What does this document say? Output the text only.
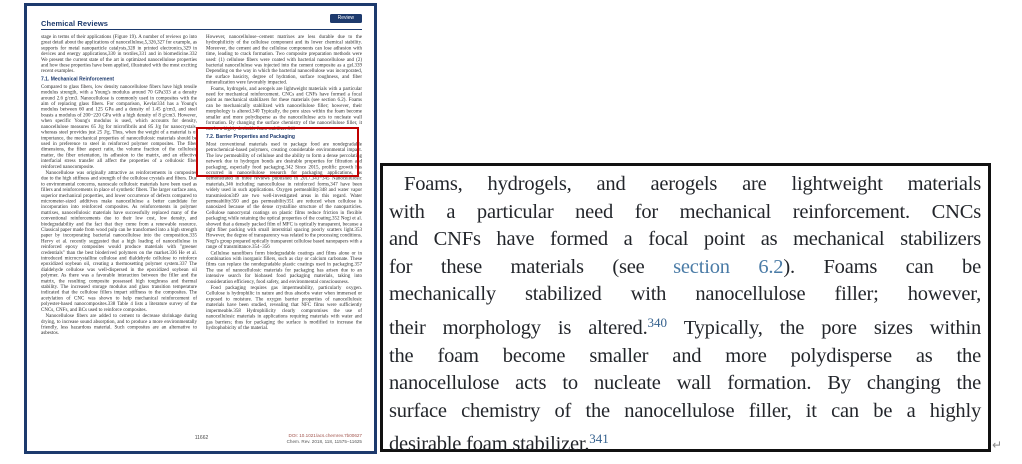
Chemical Reviews
Review

stage in terms of their applications (Figure 19). A number of reviews go into great detail about the applications of nanocellulose,5,326,327 for example, as supports for metal nanoparticle catalysts,328 in printed electronics,329 in devices and energy applications,330 in textiles,331 and in biomedicine.332 We present the current state of the art in optimized nanocellulose properties and how these properties have been applied, illustrated with the most exciting recent examples.

7.1. Mechanical Reinforcement

Compared to glass fibers, low density nanocellulose fibers have high tensile modulus strength, with a Young's modulus around 70 GPa333 at a density around 2.6 g/cm3. Nanocellulose is commonly used in composites with the aim of replacing glass fibers. For comparison, Kevlar334 has a Young's modulus between 60 and 125 GPa and a density of 1.45 g/cm3, and steel boasts a modulus of 200−220 GPa with a high density of 8 g/cm3. However, when specific Young's modulus is used, which accounts for density, nanocellulose measures 65 J/g for microfibrils and 85 J/g for nanocrystals, whereas steel provides just 25 J/g. Thus, when the weight of a material is of importance, the mechanical properties of nanocellulosic materials should be used in preference to steel in reinforced polymer composites. The fiber dimensions, the fiber aspect ratio, the volume fraction of the cellulosic matter, the fiber orientation, its adhesion to the matrix, and an effective interfacial stress transfer all affect the properties of a cellulosic fiber reinforced nanocomposite.

Nanocellulose was originally attractive as reinforcements in composites due to the high stiffness and strength of the cellulose crystals and fibers. Due to environmental concerns, nanoscale cellulosic materials have been used as fillers and reinforcements in place of synthetic fibers. The larger surface area, superior mechanical properties, and lower occurrence of defects compared to micrometer-sized additives make nanocellulose a better candidate for incorporation into reinforced composites. As reinforcements in polymer matrixes, nanocellulosic materials have successfully replaced many of the conventional reinforcements due to their low cost, low density, and biodegradability and the fact that they come from a renewable resource. Classical paper made from wood pulp can be transformed into a high strength paper by incorporating bacterial nanocellulose into the composition.335 Hervy et al. recently suggested that a high loading of nanocellulose in reinforced epoxy composites would produce materials with "greener credentials" than the best bioderived polymers on the market.336 He et al. introduced microcrystalline cellulose and dialdehyde cellulose to reinforce epoxidized soybean oil, creating a thermosetting polymer system.337 The dialdehyde cellulose was well-dispersed in the epoxidized soybean oil polymer. As there was a favorable interaction between the filler and the matrix, the resulting composite possessed high toughness and thermal stability. The increased storage modulus and glass transition temperature indicated that the cellulose fillers impart stiffness to the composites. The acetylation of CNC was shown to help mechanical reinforcement of polyester-based nanocomposites.338 Table 4 lists a literature survey of the CNCs, CNFs, and BCs used to reinforce composites.

Nanocellulose fibers are added to cement to decrease shrinkage during drying, to increase sound absorption, and to produce a more environmentally friendly, less hazardous material. Such composites are an alternative to asbestos.

However, nanocellulose−cement matrixes are less durable due to the hydrophilicity of the cellulose component and its lower chemical stability. Moreover, the cement and the cellulose components can lose adhesion with time, leading to crack formation. Two composite preparation methods were used: (1) cellulose fibers were coated with bacterial nanocellulose and (2) bacterial nanocellulose was injected into the cement composite as a gel.339 Depending on the way in which the bacterial nanocellulose was incorporated, the surface basicity, degree of hydration, surface roughness, and fiber mineralization were favorably impacted.

Foams, hydrogels, and aerogels are lightweight materials with a particular need for mechanical reinforcement. CNCs and CNFs have formed a focal point as mechanical stabilizers for these materials (see section 6.2). Foams can be mechanically stabilized with nanocellulose filler; however, their morphology is altered.340 Typically, the pore sizes within the foam become smaller and more polydisperse as the nanocellulose acts to nucleate wall formation. By changing the surface chemistry of the nanocellulose filler, it can be a highly desirable foam stabilizer.341

7.2. Barrier Properties and Packaging

Most conventional materials used to package food are nondegradable petrochemical-based polymers, creating considerable environmental impact. The low permeability of cellulose and the ability to form a dense percolating network due to hydrogen bonds are desirable properties for filtration and packaging, especially food packaging.342 Since 2015, prolific growth has occurred in nanocellulose research for packaging applications, as demonstrated in three reviews published in 2017.343−345 Nanocellulosic materials,346 including nanocellulose in reinforced forms,347 have been widely used in such applications. Oxygen permeability348 and water vapor transmission349 are two well-investigated areas in this regard. Water permeability350 and gas permeability351 are reduced when cellulose is nanosized because of the dense crystalline structure of the nanoparticles. Cellulose nanocrystal coatings on plastic films reduce friction in flexible packaging while retaining the optical properties of the coating.352 Nogi et al. showed that a densely packed film of MFC is optically transparent, because a tight fiber packing with small interstitial spacing poorly scatters light.353 However, the degree of transparency was related to the processing conditions. Nogi's group prepared optically transparent cellulose based nanopapers with a range of transmittance.354−356

Cellulose nanofibers form biodegradable coatings and films alone or in combination with inorganic fillers, such as clay or calcium carbonate. These films can replace the nondegradable plastic coatings used in packaging.357 The use of nanocellulosic materials for packaging has arisen due to an intensive search for biobased food packaging materials, taking into consideration efficiency, food safety, and environmental consciousness.

Food packaging requires gas impermeability, particularly oxygen. Cellulose is hydrophilic in nature and thus absorbs water when immersed or exposed to moisture. The oxygen barrier properties of nanocellulosic materials have been studied, revealing that NFC films were sufficiently impermeable.358 Hydrophilicity clearly compromises the use of nanocellulosic materials in applications requiring materials with water and gas barriers; thus for packaging the surface is modified to increase the hydrophobicity of the material.

11662	DOI: 10.1021/acs.chemrev.7b00627
Chem. Rev. 2018, 118, 11575−11625
Foams, hydrogels, and aerogels are lightweight materials
with a particular need for mechanical reinforcement. CNCs
and CNFs have formed a focal point as mechanical stabilizers
for these materials (see section 6.2). Foams can be
mechanically stabilized with nanocellulose filler; however,
their morphology is altered.$^{340}$ Typically, the pore sizes within
the foam become smaller and more polydisperse as the
nanocellulose acts to nucleate wall formation. By changing the
surface chemistry of the nanocellulose filler, it can be a highly
desirable foam stabilizer.$^{341}$	↵
